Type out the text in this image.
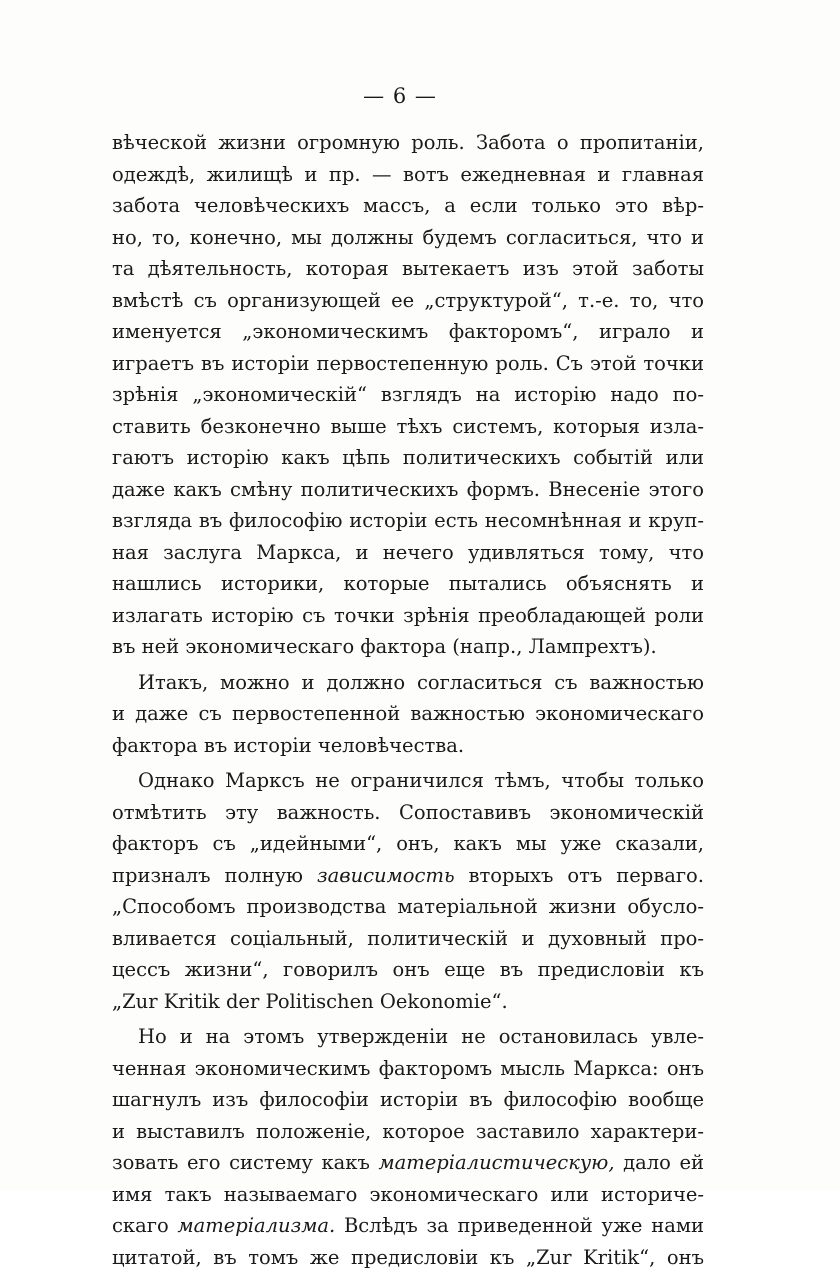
— 6 —
вѣческой жизни огромную роль. Забота о пропитанiи,
одеждѣ, жилищѣ и пр. — вотъ ежедневная и главная
забота человѣческихъ массъ, а если только это вѣр-
но, то, конечно, мы должны будемъ согласиться, что и
та дѣятельность, которая вытекаетъ изъ этой заботы
вмѣстѣ съ организующей ее „структурой“, т.-е. то, что
именуется „экономическимъ факторомъ“, играло и
играетъ въ исторiи первостепенную роль. Съ этой точки
зрѣнiя „экономическiй“ взглядъ на исторiю надо по-
ставить безконечно выше тѣхъ системъ, которыя изла-
гаютъ исторiю какъ цѣпь политическихъ событiй или
даже какъ смѣну политическихъ формъ. Внесенiе этого
взгляда въ философiю исторiи есть несомнѣнная и круп-
ная заслуга Маркса, и нечего удивляться тому, что
нашлись историки, которые пытались объяснять и
излагать исторiю съ точки зрѣнiя преобладающей роли
въ ней экономическаго фактора (напр., Лампрехтъ).
Итакъ, можно и должно согласиться съ важностью
и даже съ первостепенной важностью экономическаго
фактора въ исторiи человѣчества.
Однако Марксъ не ограничился тѣмъ, чтобы только
отмѣтить эту важность. Сопоставивъ экономическiй
факторъ съ „идейными“, онъ, какъ мы уже сказали,
призналъ полную зависимость вторыхъ отъ перваго.
„Способомъ производства матерiальной жизни обусло-
вливается соцiальный, политическiй и духовный про-
цессъ жизни“, говорилъ онъ еще въ предисловiи къ
„Zur Kritik der Politischen Oekonomie“.
Но и на этомъ утвержденiи не остановилась увле-
ченная экономическимъ факторомъ мысль Маркса: онъ
шагнулъ изъ философiи исторiи въ философiю вообще
и выставилъ положенiе, которое заставило характери-
зовать его систему какъ матерiалистическую, дало ей
имя такъ называемаго экономическаго или историче-
скаго матерiализма. Вслѣдъ за приведенной уже нами
цитатой, въ томъ же предисловiи къ „Zur Kritik“, онъ
